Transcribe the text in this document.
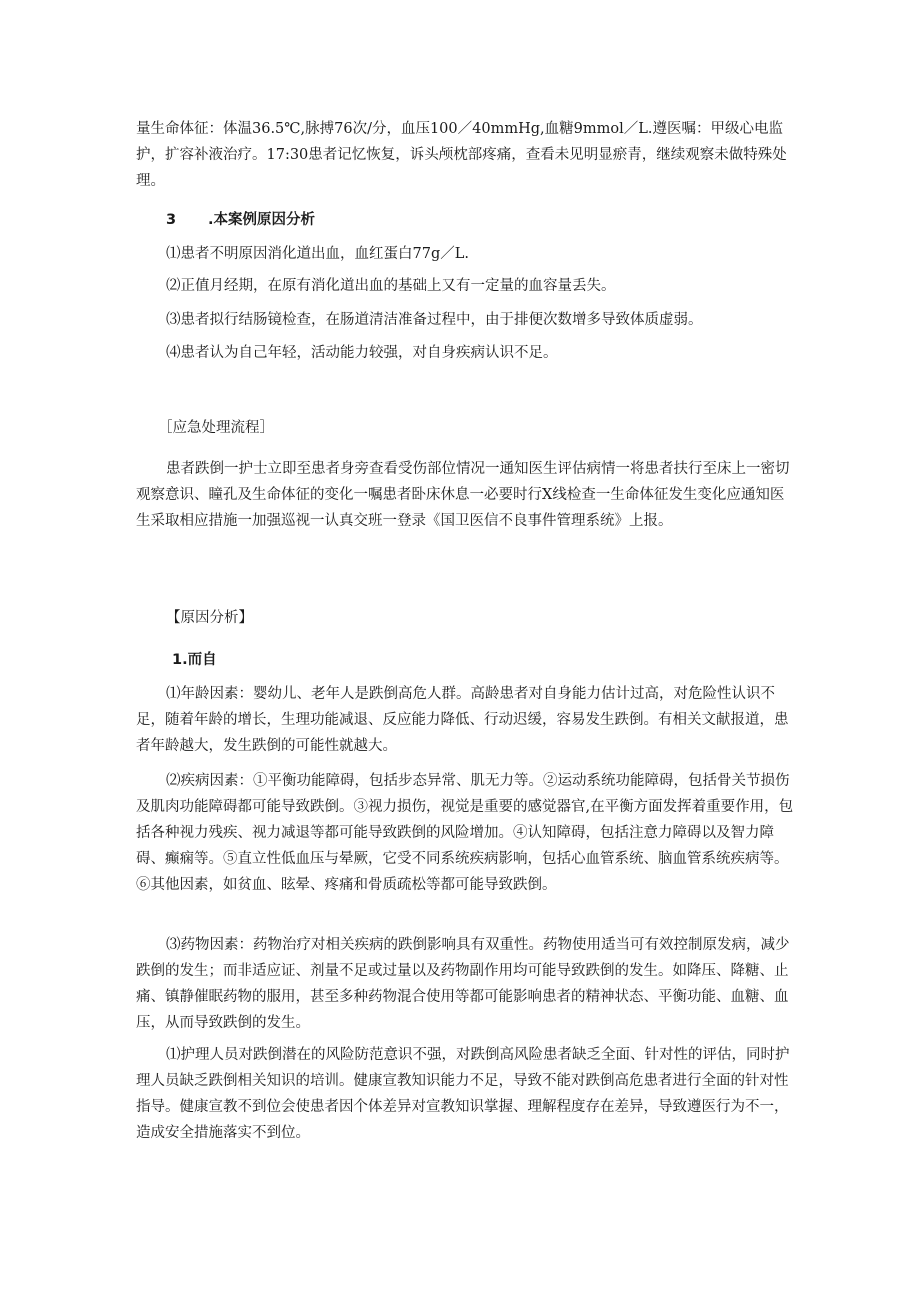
量生命体征：体温36.5℃,脉搏76次/分，血压100／40mmHg,血糖9mmol／L.遵医嘱：甲级心电监护，扩容补液治疗。17:30患者记忆恢复，诉头颅枕部疼痛，查看未见明显瘀青，继续观察未做特殊处理。

3 .本案例原因分析

⑴患者不明原因消化道出血，血红蛋白77g／L.

⑵正值月经期，在原有消化道出血的基础上又有一定量的血容量丢失。

⑶患者拟行结肠镜检查，在肠道清洁准备过程中，由于排便次数增多导致体质虚弱。

⑷患者认为自己年轻，活动能力较强，对自身疾病认识不足。

［应急处理流程］

患者跌倒一护士立即至患者身旁查看受伤部位情况一通知医生评估病情一将患者扶行至床上一密切观察意识、瞳孔及生命体征的变化一嘱患者卧床休息一必要时行X线检查一生命体征发生变化应通知医生采取相应措施一加强巡视一认真交班一登录《国卫医信不良事件管理系统》上报。

【原因分析】

1.而自

⑴年龄因素：婴幼儿、老年人是跌倒高危人群。高龄患者对自身能力估计过高，对危险性认识不足，随着年龄的增长，生理功能减退、反应能力降低、行动迟缓，容易发生跌倒。有相关文献报道，患者年龄越大，发生跌倒的可能性就越大。

⑵疾病因素：①平衡功能障碍，包括步态异常、肌无力等。②运动系统功能障碍，包括骨关节损伤及肌肉功能障碍都可能导致跌倒。③视力损伤，视觉是重要的感觉器官,在平衡方面发挥着重要作用，包括各种视力残疾、视力减退等都可能导致跌倒的风险增加。④认知障碍，包括注意力障碍以及智力障碍、癫痫等。⑤直立性低血压与晕厥，它受不同系统疾病影响，包括心血管系统、脑血管系统疾病等。⑥其他因素，如贫血、眩晕、疼痛和骨质疏松等都可能导致跌倒。

⑶药物因素：药物治疗对相关疾病的跌倒影响具有双重性。药物使用适当可有效控制原发病，减少跌倒的发生；而非适应证、剂量不足或过量以及药物副作用均可能导致跌倒的发生。如降压、降糖、止痛、镇静催眠药物的服用，甚至多种药物混合使用等都可能影响患者的精神状态、平衡功能、血糖、血压，从而导致跌倒的发生。

⑴护理人员对跌倒潜在的风险防范意识不强，对跌倒高风险患者缺乏全面、针对性的评估，同时护理人员缺乏跌倒相关知识的培训。健康宣教知识能力不足，导致不能对跌倒高危患者进行全面的针对性指导。健康宣教不到位会使患者因个体差异对宣教知识掌握、理解程度存在差异，导致遵医行为不一，造成安全措施落实不到位。
